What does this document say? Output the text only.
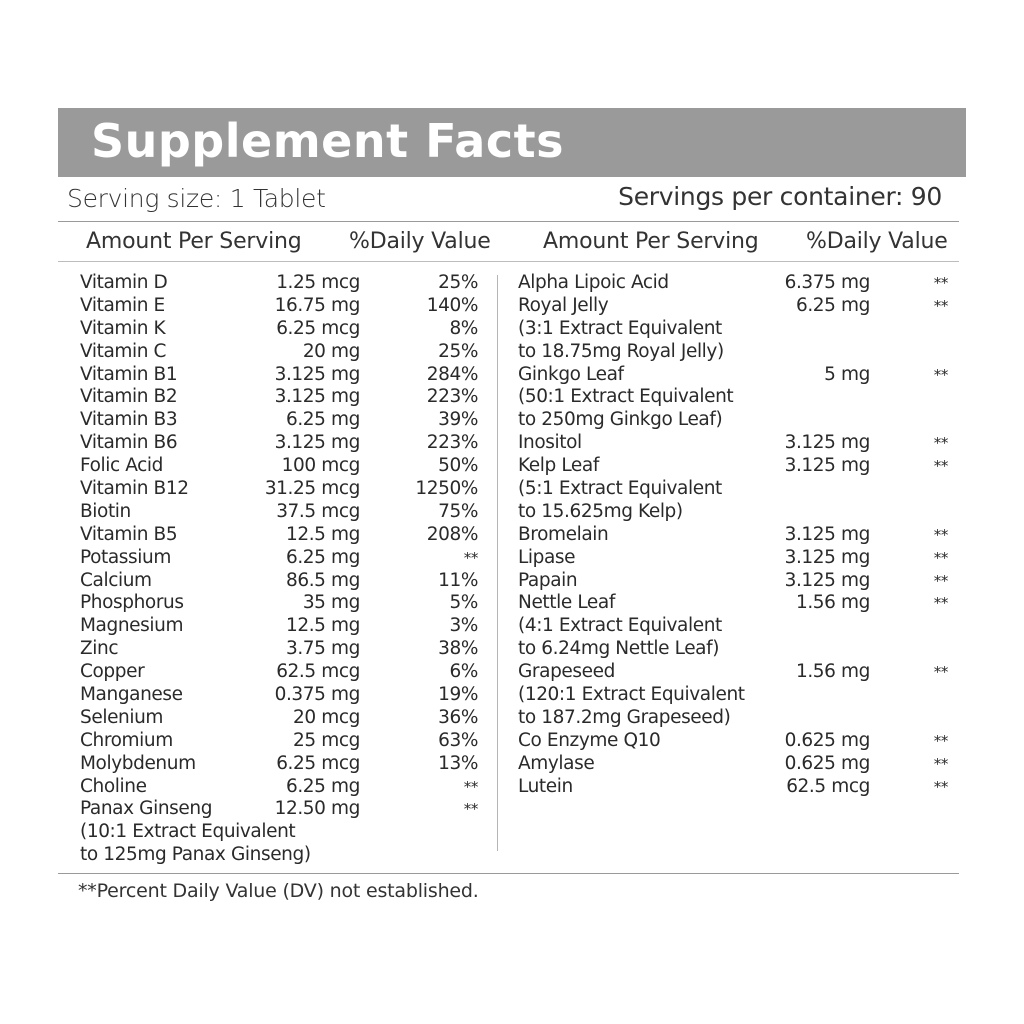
Supplement Facts
Serving size: 1 Tablet	Servings per container: 90
Amount Per Serving %Daily Value Amount Per Serving %Daily Value
Vitamin D	1.25 mcg	25%
Vitamin E	16.75 mg	140%
Vitamin K	6.25 mcg	8%
Vitamin C	20 mg	25%
Vitamin B1	3.125 mg	284%
Vitamin B2	3.125 mg	223%
Vitamin B3	6.25 mg	39%
Vitamin B6	3.125 mg	223%
Folic Acid	100 mcg	50%
Vitamin B12	31.25 mcg	1250%
Biotin	37.5 mcg	75%
Vitamin B5	12.5 mg	208%
Potassium	6.25 mg	**
Calcium	86.5 mg	11%
Phosphorus	35 mg	5%
Magnesium	12.5 mg	3%
Zinc	3.75 mg	38%
Copper	62.5 mcg	6%
Manganese	0.375 mg	19%
Selenium	20 mcg	36%
Chromium	25 mcg	63%
Molybdenum	6.25 mcg	13%
Choline	6.25 mg	**
Panax Ginseng	12.50 mg	**
(10:1 Extract Equivalent
to 125mg Panax Ginseng)
Alpha Lipoic Acid	6.375 mg	**
Royal Jelly	6.25 mg	**
(3:1 Extract Equivalent
to 18.75mg Royal Jelly)
Ginkgo Leaf	5 mg	**
(50:1 Extract Equivalent
to 250mg Ginkgo Leaf)
Inositol	3.125 mg	**
Kelp Leaf	3.125 mg	**
(5:1 Extract Equivalent
to 15.625mg Kelp)
Bromelain	3.125 mg	**
Lipase	3.125 mg	**
Papain	3.125 mg	**
Nettle Leaf	1.56 mg	**
(4:1 Extract Equivalent
to 6.24mg Nettle Leaf)
Grapeseed	1.56 mg	**
(120:1 Extract Equivalent
to 187.2mg Grapeseed)
Co Enzyme Q10	0.625 mg	**
Amylase	0.625 mg	**
Lutein	62.5 mcg	**
**Percent Daily Value (DV) not established.
